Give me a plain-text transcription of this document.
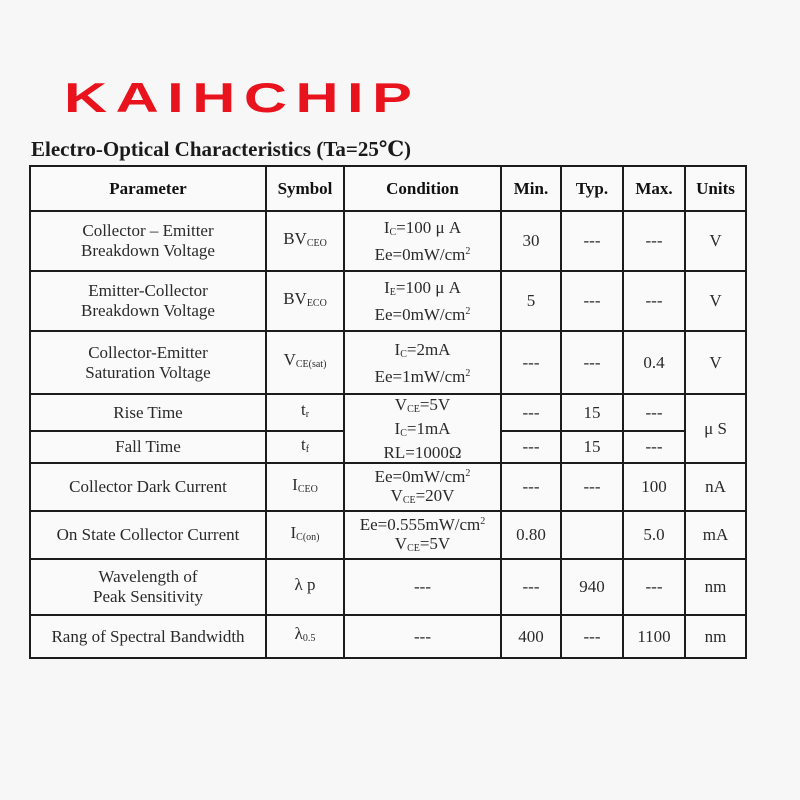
KAIHCHIP
Electro-Optical Characteristics (Ta=25℃)
Parameter	Symbol	Condition	Min.	Typ.	Max.	Units

Collector – Emitter
Breakdown Voltage	$BV_{CEO}$	$I_C=100$ μ A
$Ee=0mW/cm^2$	30	---	---	V

Emitter-Collector
Breakdown Voltage	$BV_{ECO}$	$I_E=100$ μ A
$Ee=0mW/cm^2$	5	---	---	V

Collector-Emitter
Saturation Voltage	$V_{CE(sat)}$	$I_C=2mA$
$Ee=1mW/cm^2$	---	---	0.4	V
Rise Time	$t_r$	$V_{CE}=5V$
$I_C=1mA$
RL=1000Ω	---	15	---	μ S
Fall Time	$t_f$		---	15	---	
Collector Dark Current	$I_{CEO}$	$Ee=0mW/cm^2$
$V_{CE}=20V$	---	---	100	nA
On State Collector Current	$I_{C(on)}$	$Ee=0.555mW/cm^2$
$V_{CE}=5V$	0.80		5.0	mA

Wavelength of
Peak Sensitivity	λ p	---	---	940	---	nm
Rang of Spectral Bandwidth	$\lambda_{0.5}$	---	400	---	1100	nm
